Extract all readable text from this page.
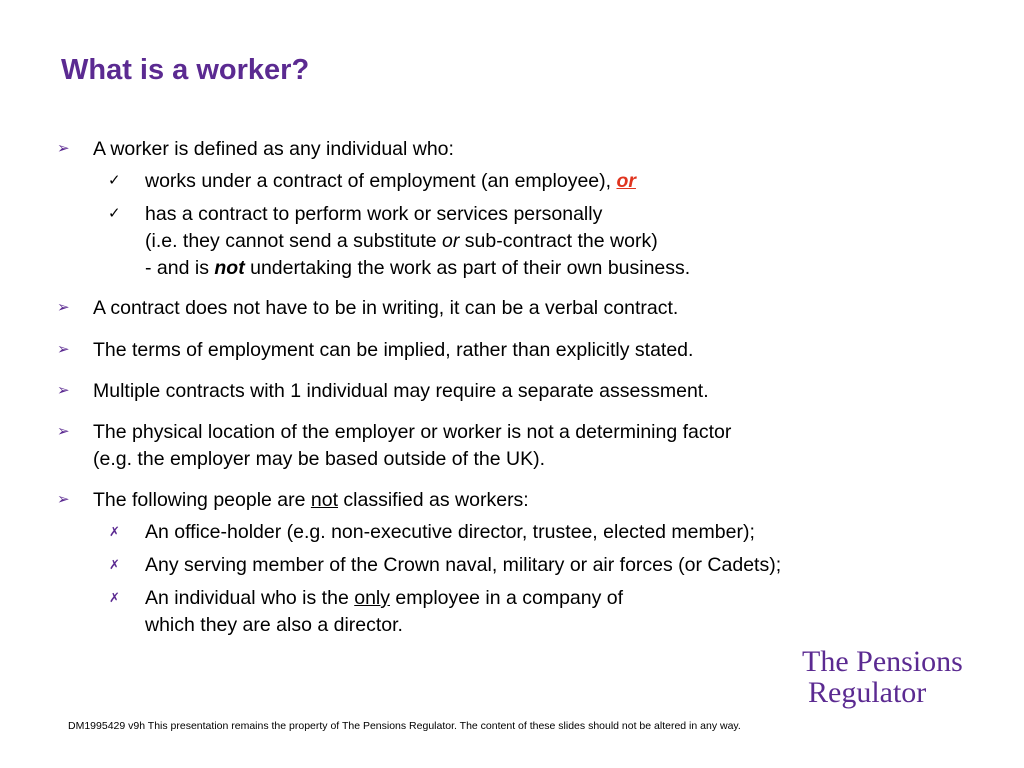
What is a worker?
➢ A worker is defined as any individual who:
✓ works under a contract of employment (an employee), or
✓ has a contract to perform work or services personally
(i.e. they cannot send a substitute or sub-contract the work)
- and is not undertaking the work as part of their own business.
➢ A contract does not have to be in writing, it can be a verbal contract.
➢ The terms of employment can be implied, rather than explicitly stated.
➢ Multiple contracts with 1 individual may require a separate assessment.
➢ The physical location of the employer or worker is not a determining factor
(e.g. the employer may be based outside of the UK).
➢ The following people are not classified as workers:
✗ An office-holder (e.g. non-executive director, trustee, elected member);
✗ Any serving member of the Crown naval, military or air forces (or Cadets);
✗ An individual who is the only employee in a company of
which they are also a director.
The Pensions
Regulator
DM1995429 v9h This presentation remains the property of The Pensions Regulator. The content of these slides should not be altered in any way.
